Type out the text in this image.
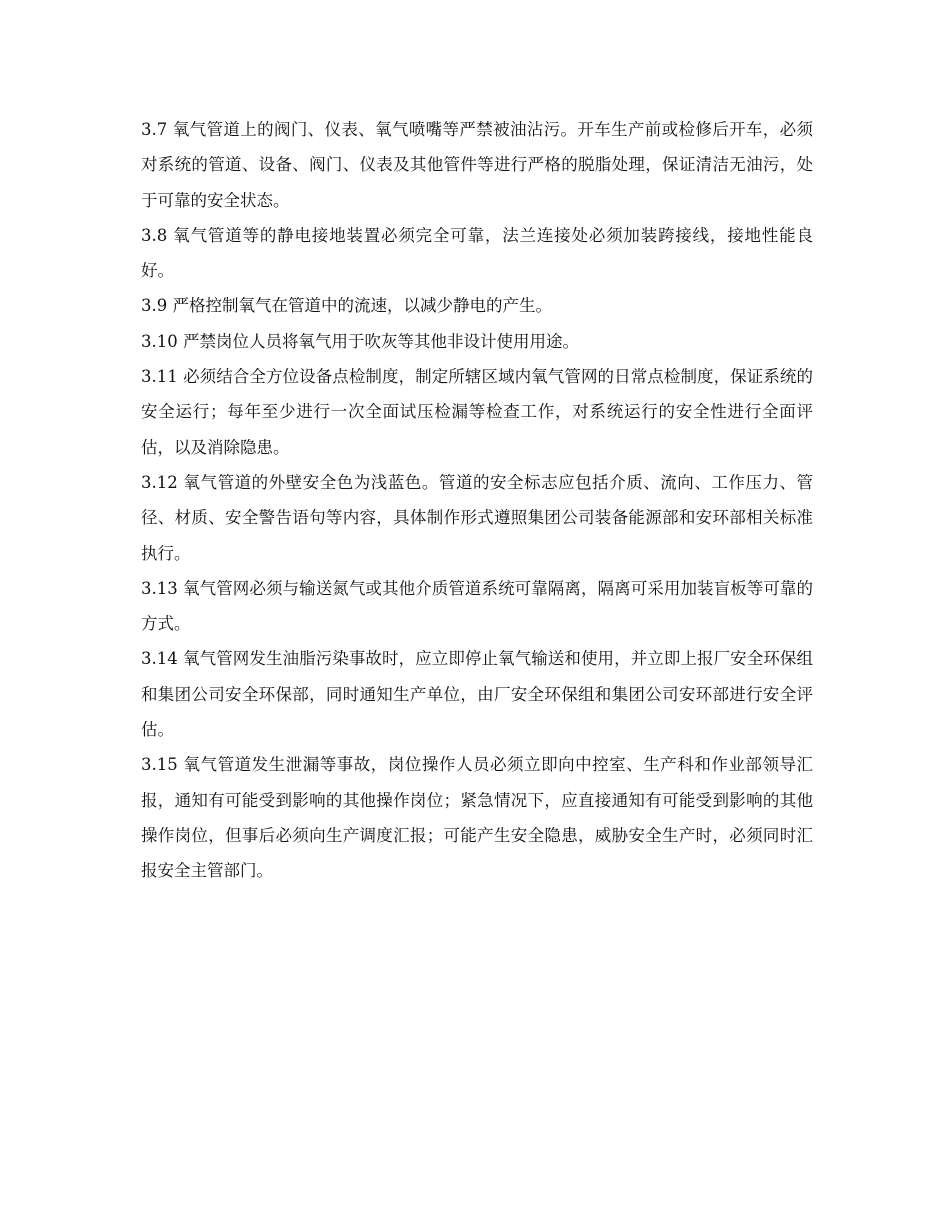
3.7 氧气管道上的阀门、仪表、氧气喷嘴等严禁被油沾污。开车生产前或检修后开车，必须对系统的管道、设备、阀门、仪表及其他管件等进行严格的脱脂处理，保证清洁无油污，处于可靠的安全状态。

3.8 氧气管道等的静电接地装置必须完全可靠，法兰连接处必须加装跨接线，接地性能良好。

3.9 严格控制氧气在管道中的流速，以减少静电的产生。

3.10 严禁岗位人员将氧气用于吹灰等其他非设计使用用途。

3.11 必须结合全方位设备点检制度，制定所辖区域内氧气管网的日常点检制度，保证系统的安全运行；每年至少进行一次全面试压检漏等检查工作，对系统运行的安全性进行全面评估，以及消除隐患。

3.12 氧气管道的外壁安全色为浅蓝色。管道的安全标志应包括介质、流向、工作压力、管径、材质、安全警告语句等内容，具体制作形式遵照集团公司装备能源部和安环部相关标准执行。

3.13 氧气管网必须与输送氮气或其他介质管道系统可靠隔离，隔离可采用加装盲板等可靠的方式。

3.14 氧气管网发生油脂污染事故时，应立即停止氧气输送和使用，并立即上报厂安全环保组和集团公司安全环保部，同时通知生产单位，由厂安全环保组和集团公司安环部进行安全评估。

3.15 氧气管道发生泄漏等事故，岗位操作人员必须立即向中控室、生产科和作业部领导汇报，通知有可能受到影响的其他操作岗位；紧急情况下，应直接通知有可能受到影响的其他操作岗位，但事后必须向生产调度汇报；可能产生安全隐患，威胁安全生产时，必须同时汇报安全主管部门。
